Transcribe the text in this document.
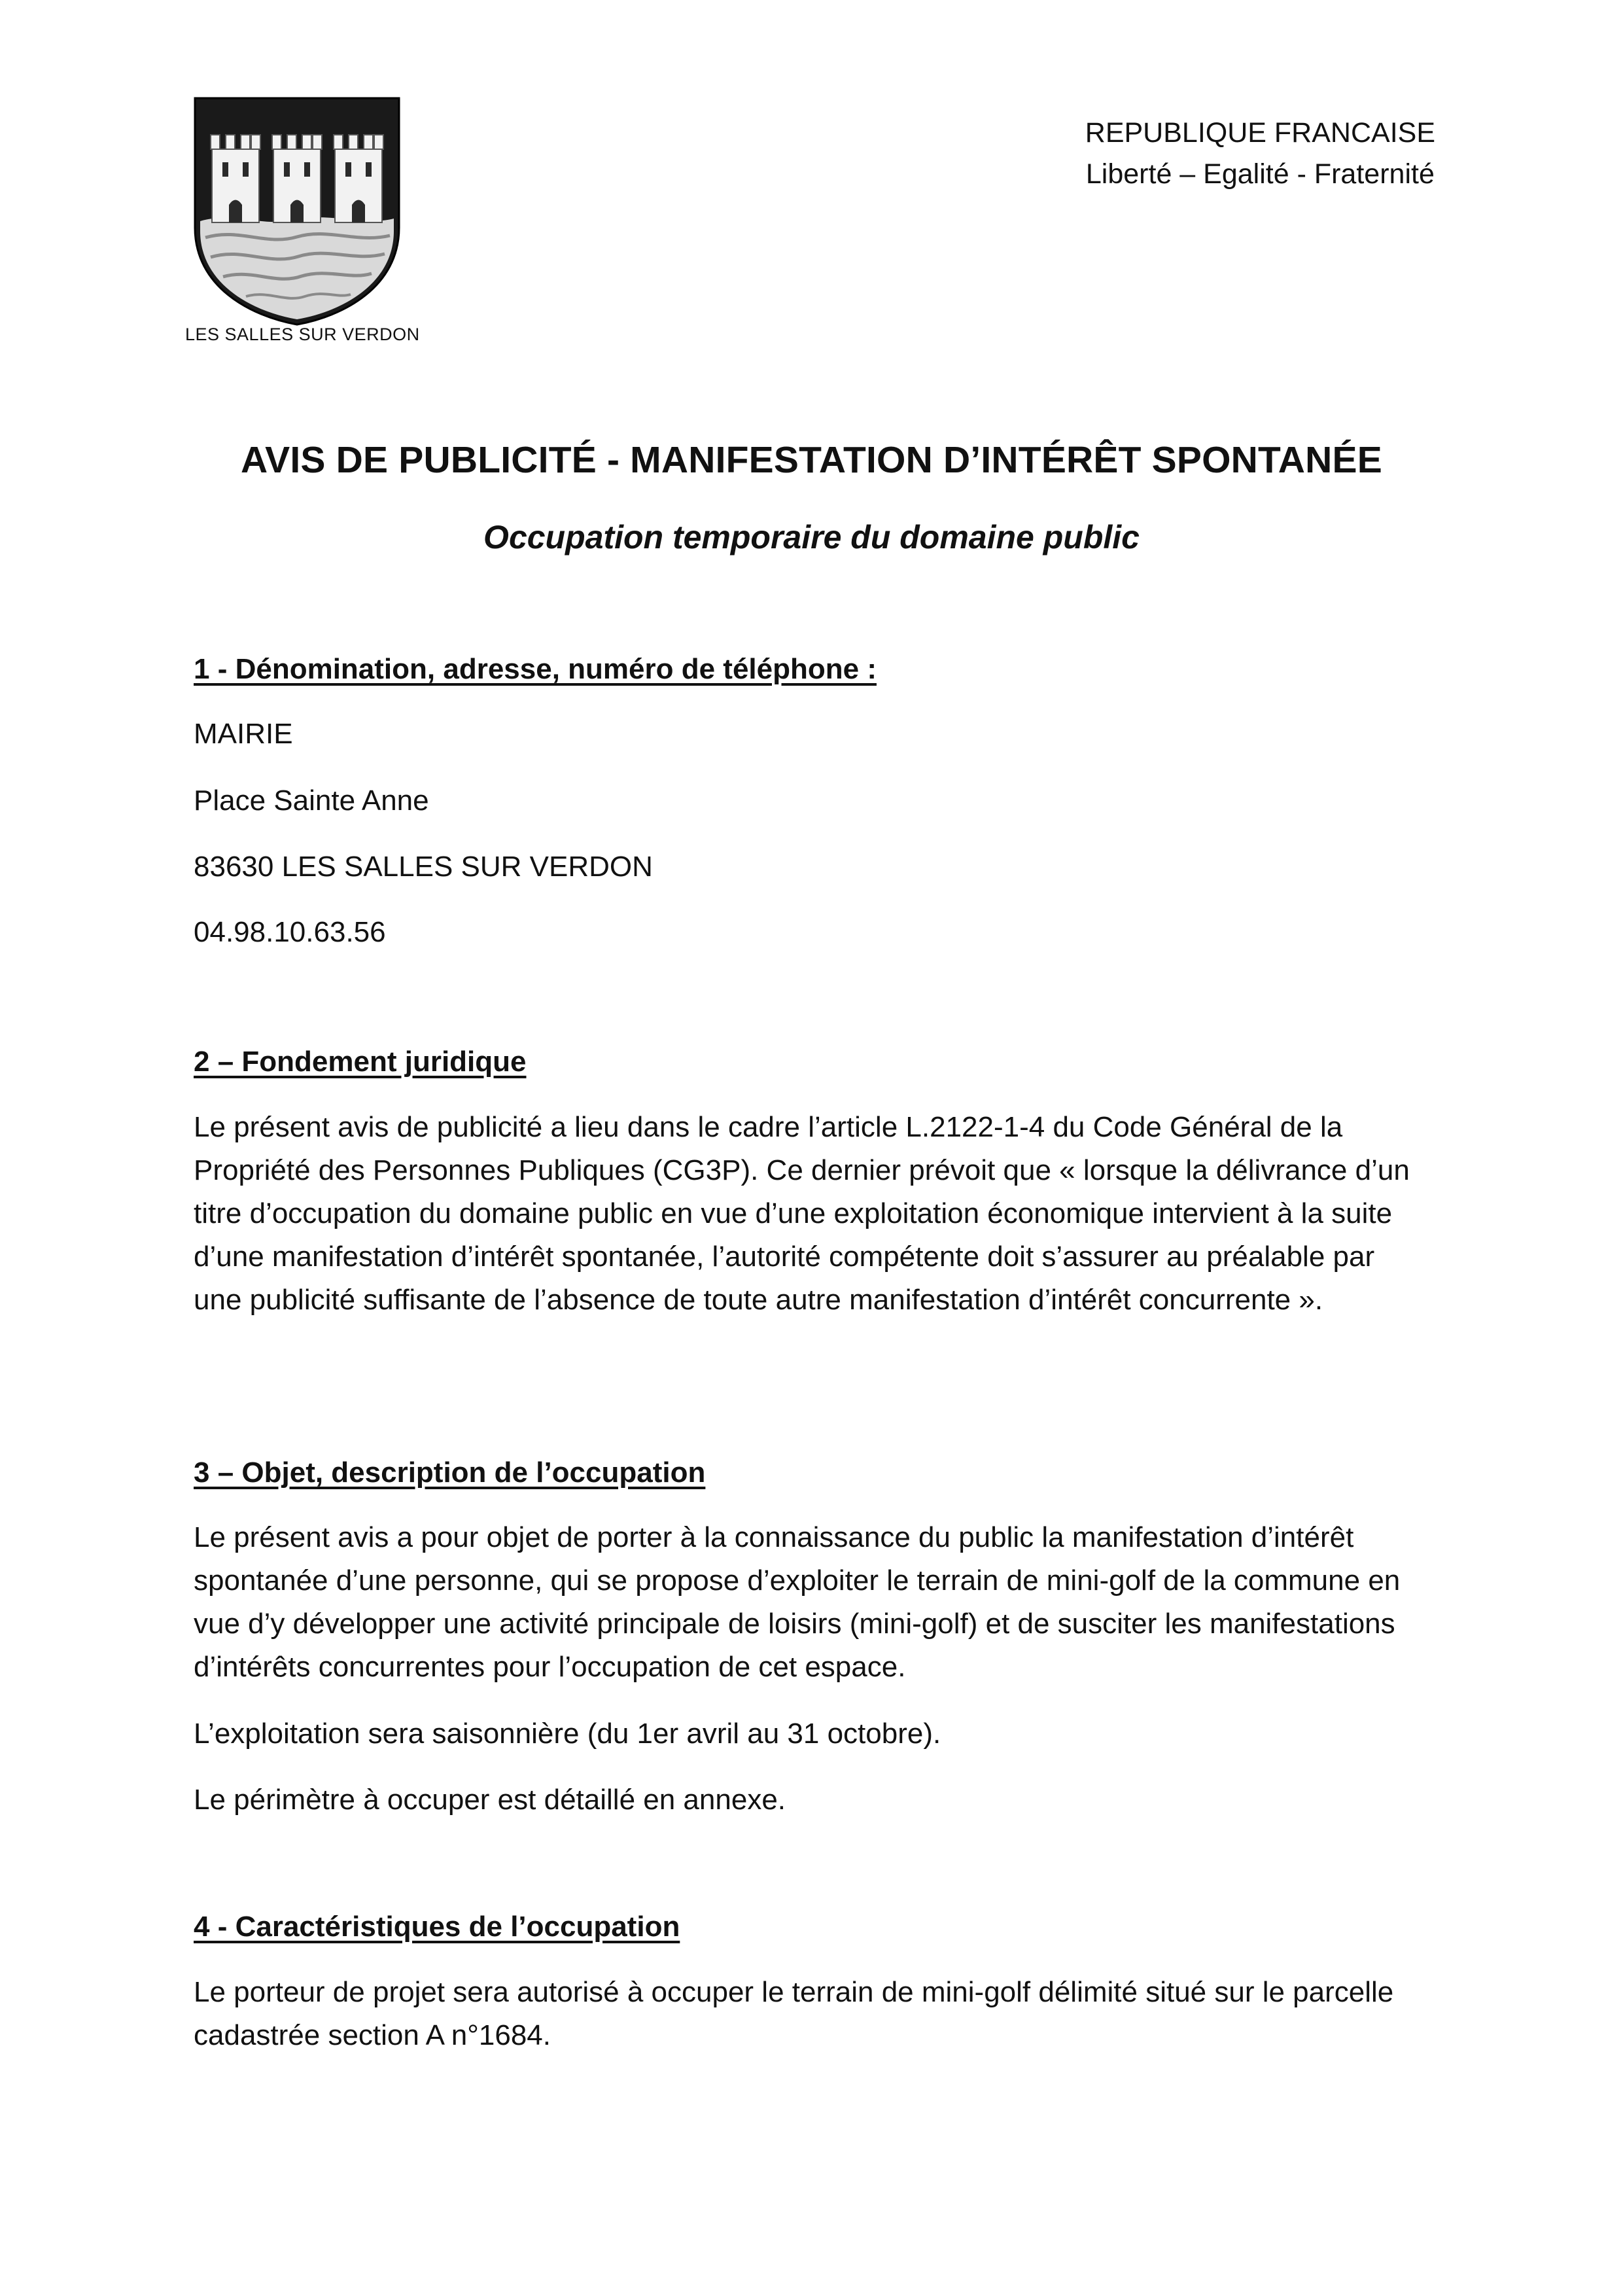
LES SALLES SUR VERDON
REPUBLIQUE FRANCAISE
Liberté – Egalité - Fraternité
AVIS DE PUBLICITÉ - MANIFESTATION D’INTÉRÊT SPONTANÉE
Occupation temporaire du domaine public
1 - Dénomination, adresse, numéro de téléphone :
MAIRIE
Place Sainte Anne
83630 LES SALLES SUR VERDON
04.98.10.63.56
2 – Fondement juridique
Le présent avis de publicité a lieu dans le cadre l’article L.2122-1-4 du Code Général de la Propriété des Personnes Publiques (CG3P). Ce dernier prévoit que « lorsque la délivrance d’un titre d’occupation du domaine public en vue d’une exploitation économique intervient à la suite d’une manifestation d’intérêt spontanée, l’autorité compétente doit s’assurer au préalable par une publicité suffisante de l’absence de toute autre manifestation d’intérêt concurrente ».
3 – Objet, description de l’occupation
Le présent avis a pour objet de porter à la connaissance du public la manifestation d’intérêt spontanée d’une personne, qui se propose d’exploiter le terrain de mini-golf de la commune en vue d’y développer une activité principale de loisirs (mini-golf) et de susciter les manifestations d’intérêts concurrentes pour l’occupation de cet espace.
L’exploitation sera saisonnière (du 1er avril au 31 octobre).
Le périmètre à occuper est détaillé en annexe.
4 - Caractéristiques de l’occupation
Le porteur de projet sera autorisé à occuper le terrain de mini-golf délimité situé sur le parcelle cadastrée section A n°1684.
